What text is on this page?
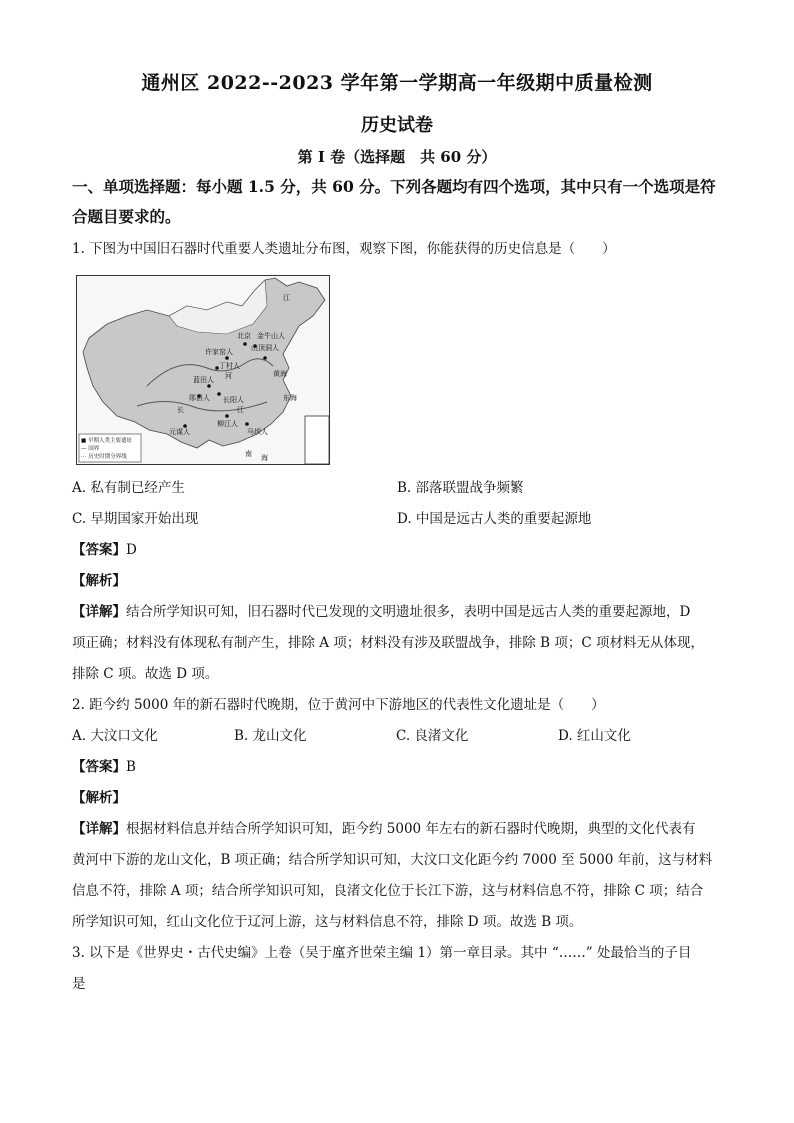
通州区 2022--2023 学年第一学期高一年级期中质量检测
历史试卷
第 I 卷（选择题　共 60 分）
一、单项选择题：每小题 1.5 分，共 60 分。下列各题均有四个选项，其中只有一个选项是符
合题目要求的。

1. 下图为中国旧石器时代重要人类遗址分布图，观察下图，你能获得的历史信息是（　　）

北京 金牛山人
山顶洞人
许家窑人
丁村人
河	黄海
蓝田人
郧县人 长阳人	东海
长	江
江
柳江人
马坝人
元谋人
南 海
■ 早期人类主要遗址
— 国界
⋯ 历史时期分界线
A. 私有制已经产生	B. 部落联盟战争频繁
C. 早期国家开始出现	D. 中国是远古人类的重要起源地

【答案】D

【解析】

【详解】结合所学知识可知，旧石器时代已发现的文明遗址很多，表明中国是远古人类的重要起源地，D

项正确；材料没有体现私有制产生，排除 A 项；材料没有涉及联盟战争，排除 B 项；C 项材料无从体现，

排除 C 项。故选 D 项。

2. 距今约 5000 年的新石器时代晚期，位于黄河中下游地区的代表性文化遗址是（　　）

A. 大汶口文化	B. 龙山文化	C. 良渚文化	D. 红山文化

【答案】B

【解析】

【详解】根据材料信息并结合所学知识可知，距今约 5000 年左右的新石器时代晚期，典型的文化代表有

黄河中下游的龙山文化，B 项正确；结合所学知识可知，大汶口文化距今约 7000 至 5000 年前，这与材料

信息不符，排除 A 项；结合所学知识可知，良渚文化位于长江下游，这与材料信息不符，排除 C 项；结合

所学知识可知，红山文化位于辽河上游，这与材料信息不符，排除 D 项。故选 B 项。

3. 以下是《世界史・古代史编》上卷（吴于廑齐世荣主编 1）第一章目录。其中 “……” 处最恰当的子目

是
